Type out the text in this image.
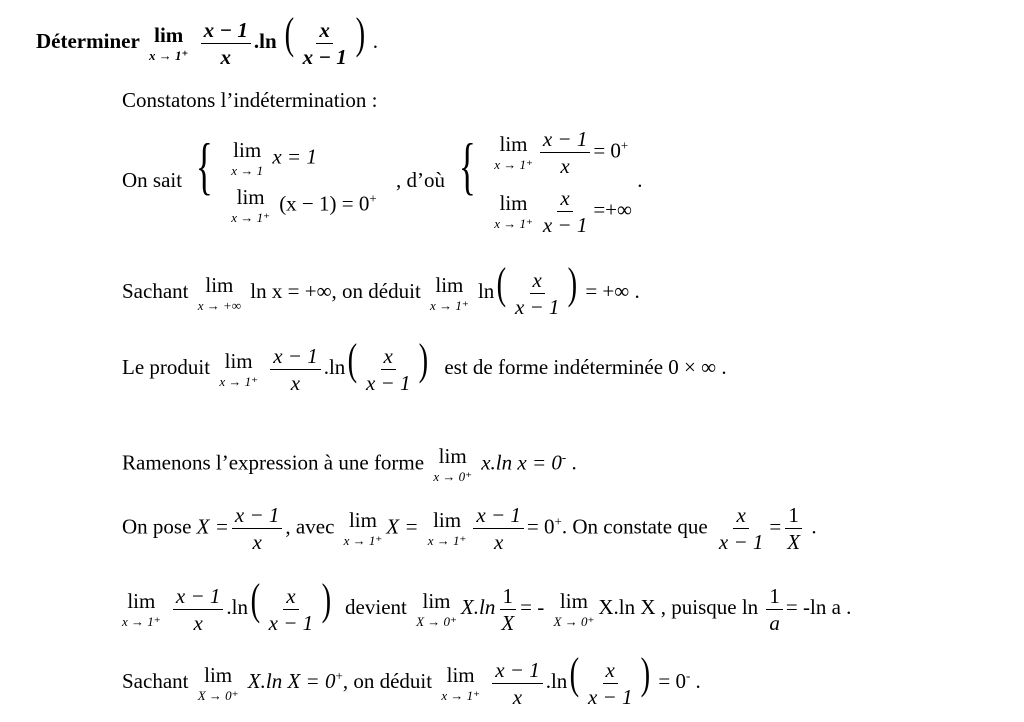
Déterminer lim
x → 1⁺
$\frac{x - 1}{x} .\ln$ ( $\frac{x}{x - 1}$ ) .
Constatons l’indétermination :
On sait { lim
x → 1
x = 1
lim
x → 1⁺
(x − 1) = 0+
, d’où { lim
$x \to 1^+ \frac{x - 1}{x} = 0^+$
lim
$x \to 1^+ \frac{x}{x - 1}$ =+∞
.
Sachant lim
x → +∞
ln x = +∞, on déduit lim
x → 1⁺
$\ln( \frac{x}{x - 1}$ ) = +∞ .
Le produit lim
x → 1⁺
$\frac{x - 1}{x} .\ln( \frac{x}{x - 1}$ ) est de forme indéterminée 0 × ∞ .
Ramenons l’expression à une forme lim
x → 0⁺
x.ln x = 0- .
On pose $X = \frac{x - 1}{x}$ , avec lim
x → 1⁺
X = lim
$x \to 1^+ \frac{x - 1}{x} = 0^+$. On constate que $\frac{x}{x - 1} = \frac{1}{X}$ .
lim
x → 1⁺
$\frac{x - 1}{x} .\ln( \frac{x}{x - 1}$ ) devient lim
X → 0⁺
$X.\ln \frac{1}{X}$ = - lim
X → 0⁺
X.ln X , puisque $\ln \frac{1}{a} = -\ln$ a .
Sachant lim
X → 0⁺
X.ln X = 0+, on déduit lim
x → 1⁺
$\frac{x - 1}{x} .\ln( \frac{x}{x - 1}$ ) = 0- .
